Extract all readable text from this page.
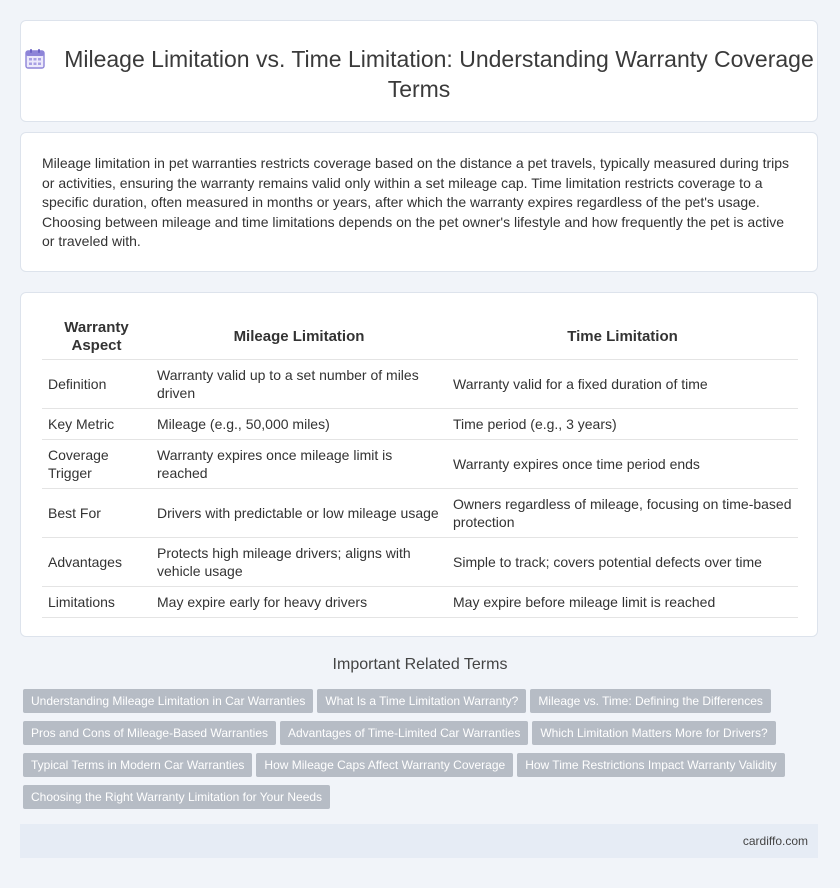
Mileage Limitation vs. Time Limitation: Understanding Warranty Coverage Terms

Mileage limitation in pet warranties restricts coverage based on the distance a pet travels, typically measured during trips or activities, ensuring the warranty remains valid only within a set mileage cap. Time limitation restricts coverage to a specific duration, often measured in months or years, after which the warranty expires regardless of the pet's usage. Choosing between mileage and time limitations depends on the pet owner's lifestyle and how frequently the pet is active or traveled with.

Warranty Aspect	Mileage Limitation	Time Limitation
Definition	Warranty valid up to a set number of miles driven	Warranty valid for a fixed duration of time
Key Metric	Mileage (e.g., 50,000 miles)	Time period (e.g., 3 years)
Coverage Trigger	Warranty expires once mileage limit is reached	Warranty expires once time period ends
Best For	Drivers with predictable or low mileage usage	Owners regardless of mileage, focusing on time-based protection
Advantages	Protects high mileage drivers; aligns with vehicle usage	Simple to track; covers potential defects over time
Limitations	May expire early for heavy drivers	May expire before mileage limit is reached
Important Related Terms
Understanding Mileage Limitation in Car Warranties What Is a Time Limitation Warranty? Mileage vs. Time: Defining the Differences
Pros and Cons of Mileage-Based Warranties Advantages of Time-Limited Car Warranties Which Limitation Matters More for Drivers?
Typical Terms in Modern Car Warranties How Mileage Caps Affect Warranty Coverage How Time Restrictions Impact Warranty Validity
Choosing the Right Warranty Limitation for Your Needs
cardiffo.com
